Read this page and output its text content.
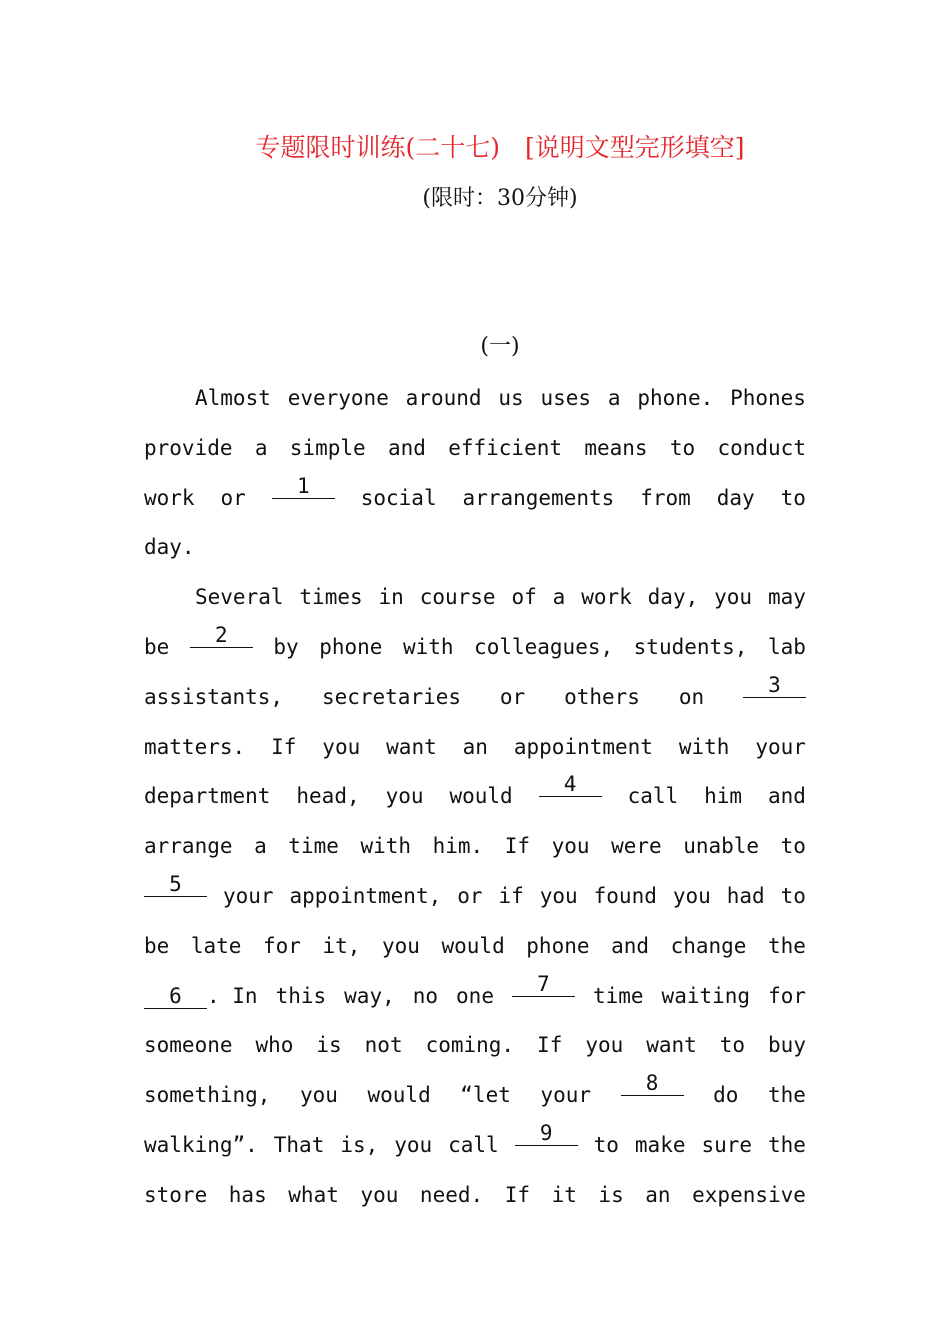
专题限时训练(二十七)　[说明文型完形填空]
(限时：30分钟)
(一)
Almost everyone around us uses a phone. Phones
provide a simple and efficient means to conduct
work or	1	social arrangements from day to
day.
Several times in course of a work day, you may
be	2	by phone with colleagues, students, lab
assistants, secretaries or others on	3
matters. If you want an appointment with your
department head, you would	4	call him and
arrange a time with him. If you were unable to
5	your appointment, or if you found you had to
be late for it, you would phone and change the
6 . In this way, no one	7	time waiting for
someone who is not coming. If you want to buy
something, you would “let your	8	do the
walking”. That is, you call	9	to make sure the
store has what you need. If it is an expensive
